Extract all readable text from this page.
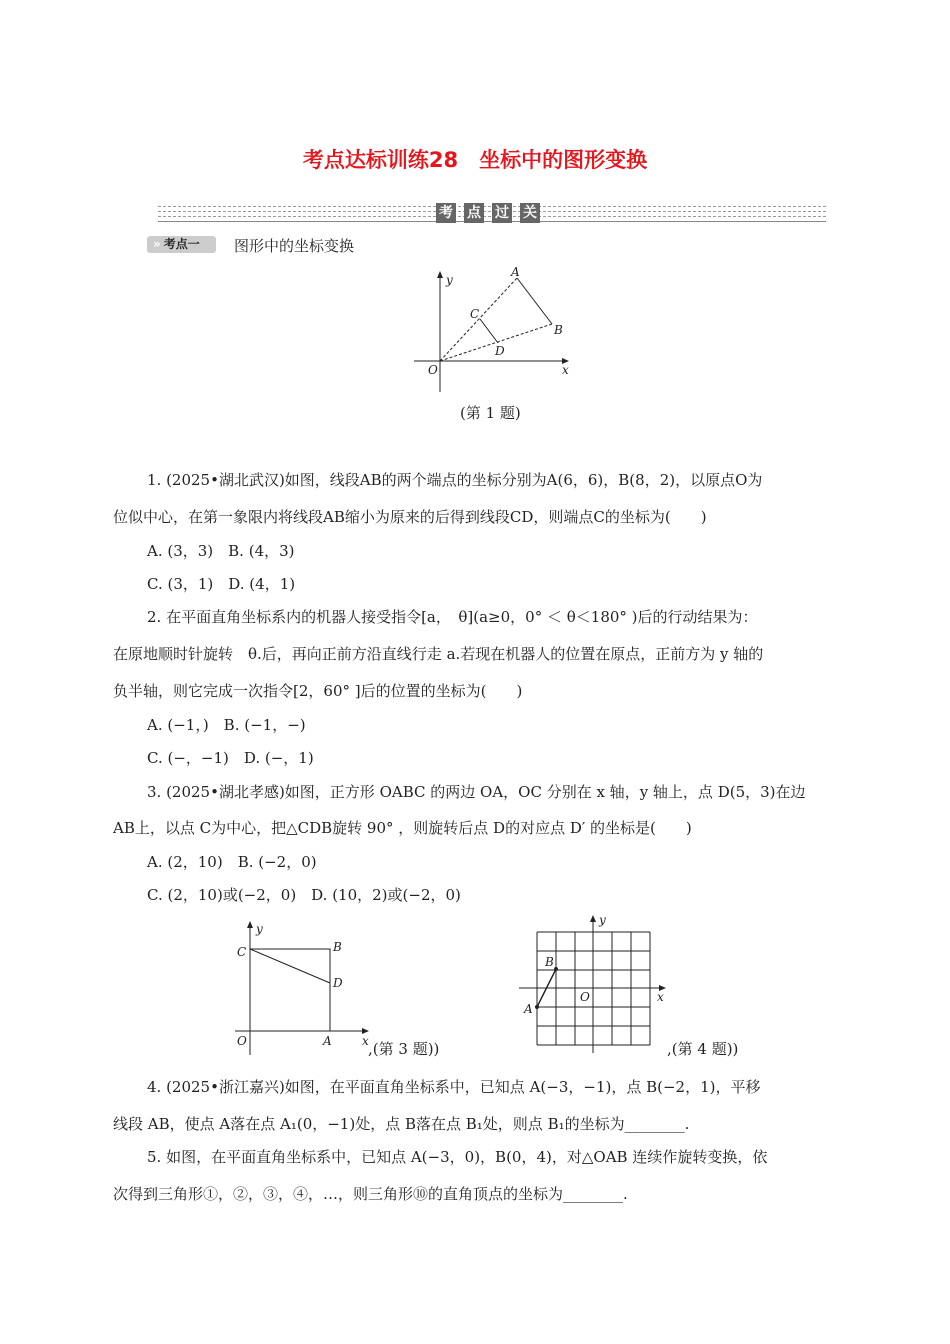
考点达标训练28　坐标中的图形变换
考 点 过 关
» 考点一	图形中的坐标变换
A
B
C
D
O	x
y
C	B
D
O	A	x
y
B
A
O	x
y
(第 1 题)
,(第 3 题))	,(第 4 题))
1. (2025•湖北武汉)如图，线段AB的两个端点的坐标分别为A(6，6)，B(8，2)，以原点O为
位似中心，在第一象限内将线段AB缩小为原来的后得到线段CD，则端点C的坐标为(　　)
A. (3，3)　B. (4，3)
C. (3，1)　D. (4，1)
2. 在平面直角坐标系内的机器人接受指令[a，　θ](a≥0，0° ＜ θ＜180° )后的行动结果为：
在原地顺时针旋转　θ.后，再向正前方沿直线行走 a.若现在机器人的位置在原点，正前方为 y 轴的
负半轴，则它完成一次指令[2，60° ]后的位置的坐标为(　　)
A. (−1，)　B. (−1，−)
C. (−，−1)　D. (−，1)
3. (2025•湖北孝感)如图，正方形 OABC 的两边 OA，OC 分别在 x 轴，y 轴上，点 D(5，3)在边
AB上，以点 C为中心，把△CDB旋转 90° ，则旋转后点 D的对应点 D′ 的坐标是(　　)
A. (2，10)　B. (−2，0)
C. (2，10)或(−2，0)　D. (10，2)或(−2，0)
4. (2025•浙江嘉兴)如图，在平面直角坐标系中，已知点 A(−3，−1)，点 B(−2，1)，平移
线段 AB，使点 A落在点 A₁(0，−1)处，点 B落在点 B₁处，则点 B₁的坐标为________.
5. 如图，在平面直角坐标系中，已知点 A(−3，0)，B(0，4)，对△OAB 连续作旋转变换，依
次得到三角形①，②，③，④，…，则三角形⑩的直角顶点的坐标为________.
